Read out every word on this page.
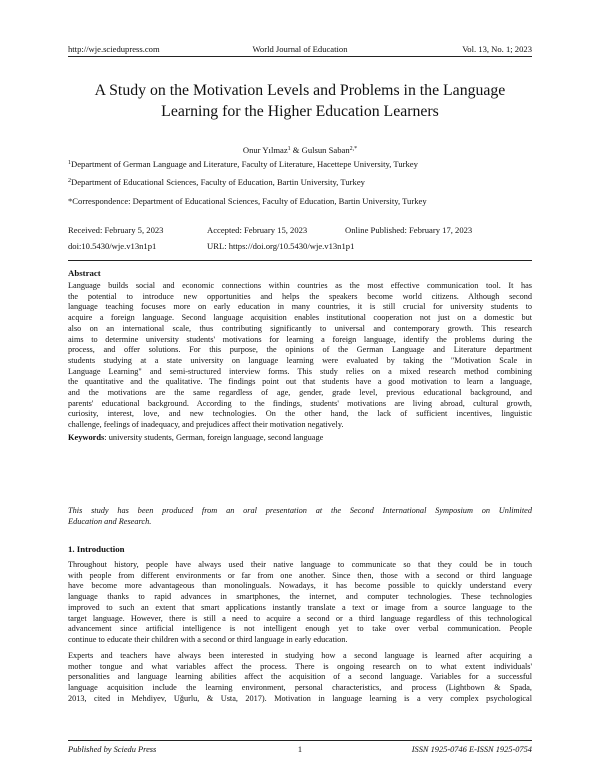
http://wje.sciedupress.com	World Journal of Education	Vol. 13, No. 1; 2023
A Study on the Motivation Levels and Problems in the Language
Learning for the Higher Education Learners
Onur Yılmaz$^1$ & Gulsun Saban$^{2,*}$
$^1$Department of German Language and Literature, Faculty of Literature, Hacettepe University, Turkey
$^2$Department of Educational Sciences, Faculty of Education, Bartin University, Turkey
*Correspondence: Department of Educational Sciences, Faculty of Education, Bartin University, Turkey
Received: February 5, 2023	Accepted: February 15, 2023	Online Published: February 17, 2023
doi:10.5430/wje.v13n1p1	URL: https://doi.org/10.5430/wje.v13n1p1
Abstract
Language builds social and economic connections within countries as the most effective communication tool. It has
the potential to introduce new opportunities and helps the speakers become world citizens. Although second
language teaching focuses more on early education in many countries, it is still crucial for university students to
acquire a foreign language. Second language acquisition enables institutional cooperation not just on a domestic but
also on an international scale, thus contributing significantly to universal and contemporary growth. This research
aims to determine university students' motivations for learning a foreign language, identify the problems during the
process, and offer solutions. For this purpose, the opinions of the German Language and Literature department
students studying at a state university on language learning were evaluated by taking the "Motivation Scale in
Language Learning" and semi-structured interview forms. This study relies on a mixed research method combining
the quantitative and the qualitative. The findings point out that students have a good motivation to learn a language,
and the motivations are the same regardless of age, gender, grade level, previous educational background, and
parents' educational background. According to the findings, students' motivations are living abroad, cultural growth,
curiosity, interest, love, and new technologies. On the other hand, the lack of sufficient incentives, linguistic
challenge, feelings of inadequacy, and prejudices affect their motivation negatively.
Keywords: university students, German, foreign language, second language
This study has been produced from an oral presentation at the Second International Symposium on Unlimited
Education and Research.
1. Introduction
Throughout history, people have always used their native language to communicate so that they could be in touch
with people from different environments or far from one another. Since then, those with a second or third language
have become more advantageous than monolinguals. Nowadays, it has become possible to quickly understand every
language thanks to rapid advances in smartphones, the internet, and computer technologies. These technologies
improved to such an extent that smart applications instantly translate a text or image from a source language to the
target language. However, there is still a need to acquire a second or a third language regardless of this technological
advancement since artificial intelligence is not intelligent enough yet to take over verbal communication. People
continue to educate their children with a second or third language in early education.
Experts and teachers have always been interested in studying how a second language is learned after acquiring a
mother tongue and what variables affect the process. There is ongoing research on to what extent individuals'
personalities and language learning abilities affect the acquisition of a second language. Variables for a successful
language acquisition include the learning environment, personal characteristics, and process (Lightbown & Spada,
2013, cited in Mehdiyev, Uğurlu, & Usta, 2017). Motivation in language learning is a very complex psychological
Published by Sciedu Press	1	ISSN 1925-0746 E-ISSN 1925-0754
